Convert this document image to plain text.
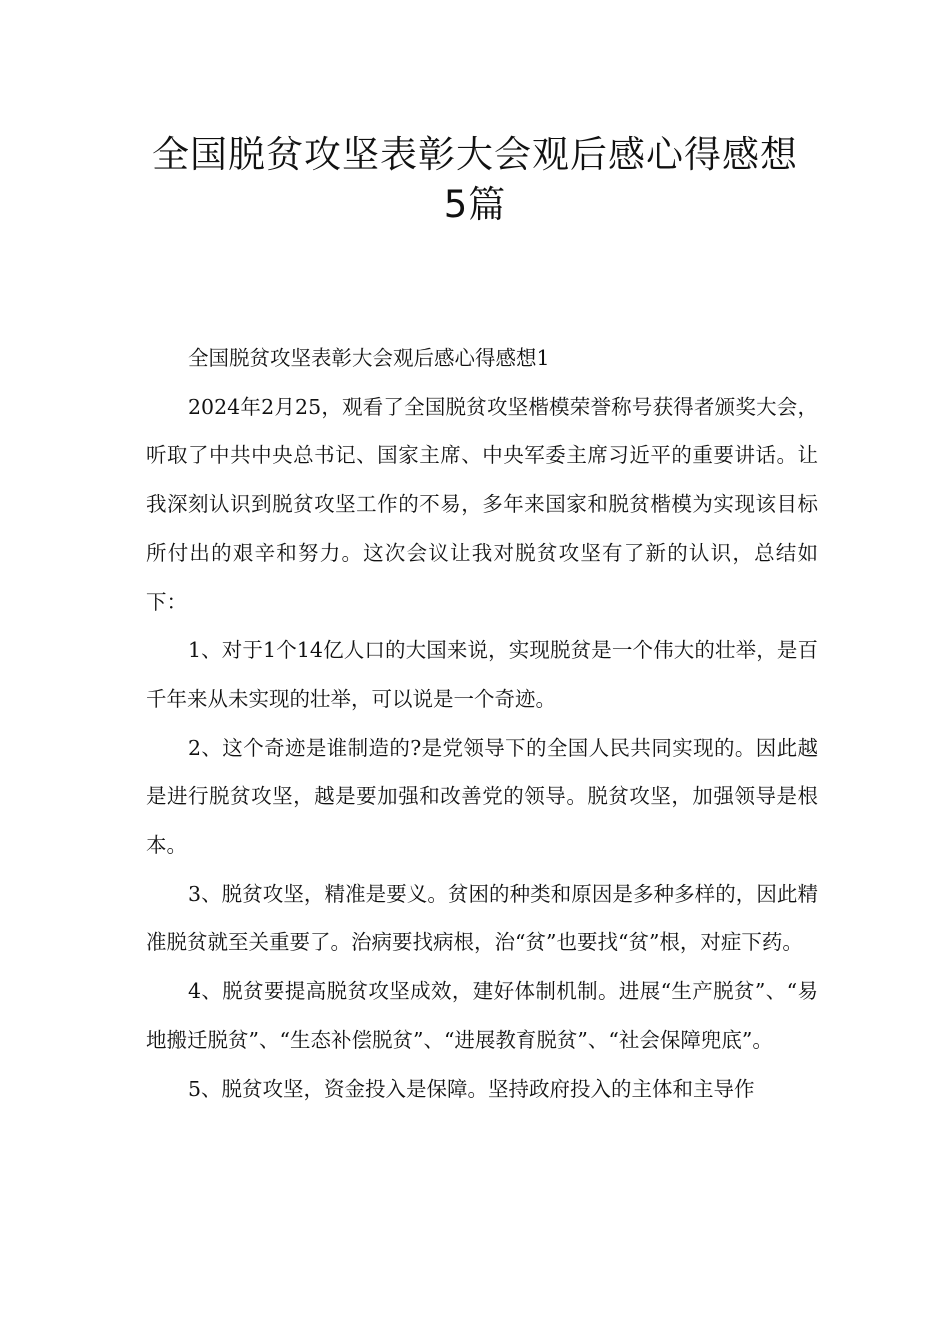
全国脱贫攻坚表彰大会观后感心得感想
5篇

全国脱贫攻坚表彰大会观后感心得感想1

2024年2月25，观看了全国脱贫攻坚楷模荣誉称号获得者颁奖大会，听取了中共中央总书记、国家主席、中央军委主席习近平的重要讲话。让我深刻认识到脱贫攻坚工作的不易，多年来国家和脱贫楷模为实现该目标所付出的艰辛和努力。这次会议让我对脱贫攻坚有了新的认识，总结如下：

1、对于1个14亿人口的大国来说，实现脱贫是一个伟大的壮举，是百千年来从未实现的壮举，可以说是一个奇迹。

2、这个奇迹是谁制造的?是党领导下的全国人民共同实现的。因此越是进行脱贫攻坚，越是要加强和改善党的领导。脱贫攻坚，加强领导是根本。

3、脱贫攻坚，精准是要义。贫困的种类和原因是多种多样的，因此精准脱贫就至关重要了。治病要找病根，治“贫”也要找“贫”根，对症下药。

4、脱贫要提高脱贫攻坚成效，建好体制机制。进展“生产脱贫”、“易地搬迁脱贫”、“生态补偿脱贫”、“进展教育脱贫”、“社会保障兜底”。

5、脱贫攻坚，资金投入是保障。坚持政府投入的主体和主导作
